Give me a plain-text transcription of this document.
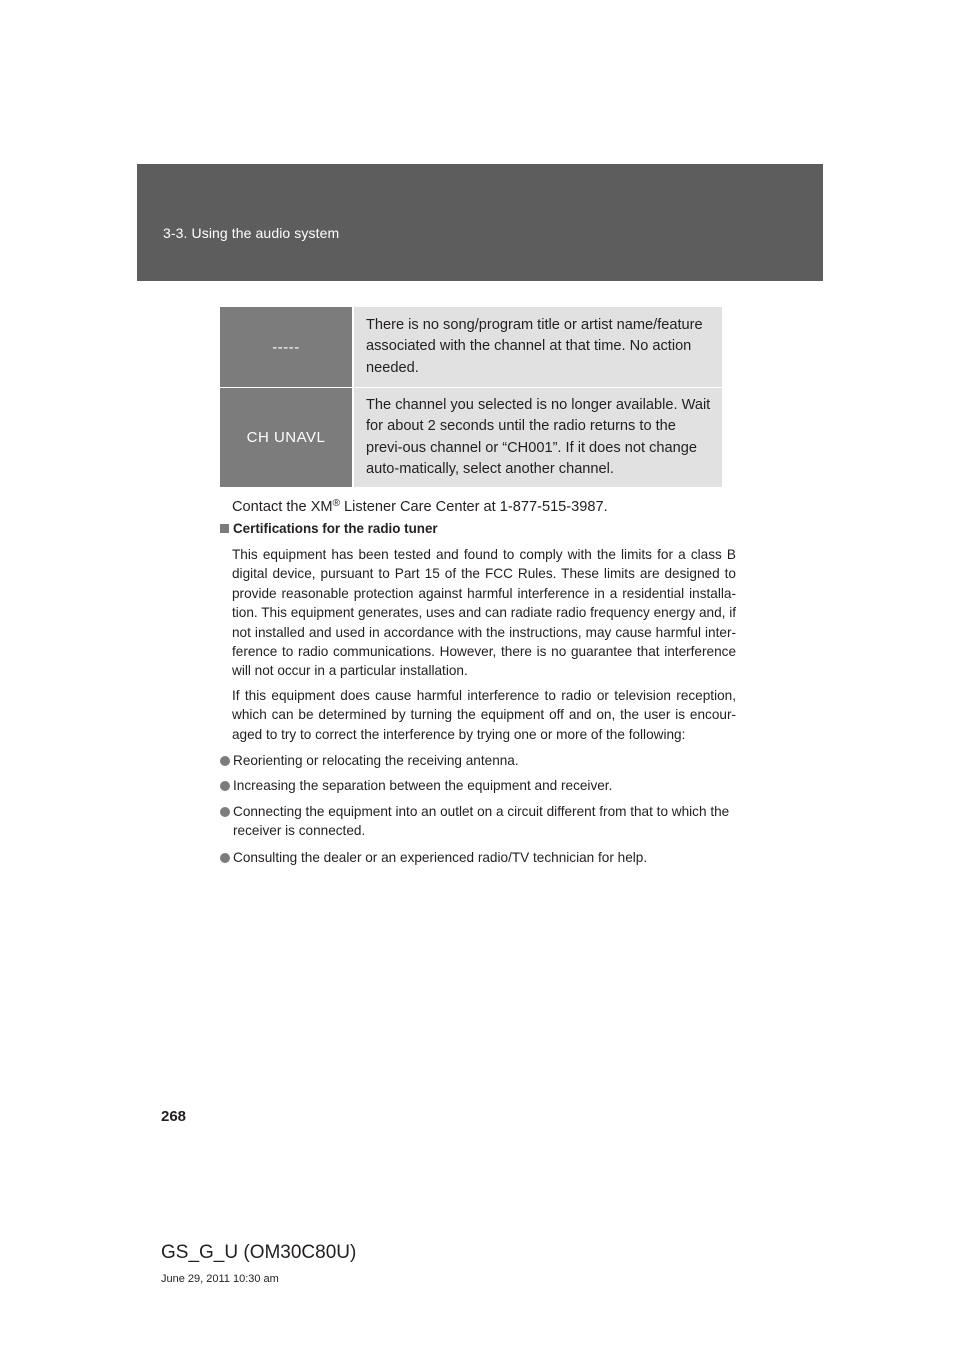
3-3. Using the audio system
-----	There is no song/program title or artist name/feature associated with the channel at that time. No action needed.
CH UNAVL	The channel you selected is no longer available. Wait for about 2 seconds until the radio returns to the previ-ous channel or “CH001”. If it does not change auto-matically, select another channel.
Contact the XM® Listener Care Center at 1-877-515-3987.
Certifications for the radio tuner
This equipment has been tested and found to comply with the limits for a class B digital device, pursuant to Part 15 of the FCC Rules. These limits are designed to provide reasonable protection against harmful interference in a residential installa-tion. This equipment generates, uses and can radiate radio frequency energy and, if not installed and used in accordance with the instructions, may cause harmful inter-ference to radio communications. However, there is no guarantee that interference will not occur in a particular installation.
If this equipment does cause harmful interference to radio or television reception, which can be determined by turning the equipment off and on, the user is encour-aged to try to correct the interference by trying one or more of the following:
Reorienting or relocating the receiving antenna.
Increasing the separation between the equipment and receiver.
Connecting the equipment into an outlet on a circuit different from that to which the receiver is connected.
Consulting the dealer or an experienced radio/TV technician for help.
268
GS_G_U (OM30C80U)
June 29, 2011 10:30 am
